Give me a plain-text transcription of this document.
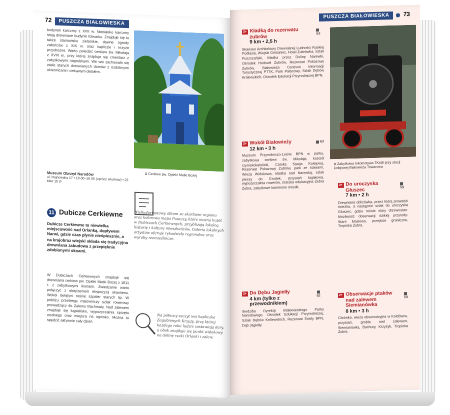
72	PUSZCZA BIAŁOWIESKA

budynek karczmy z XVII w. Niedaleko karczmy stoją drewniane budynki folwarku. Znajduje się tu także stanowisko zielarskie, dawne ogrody zaborców z XIX w. oraz kapliczki i krzyże przydrożne. Warto zwiedzić cerkiew św. Mikołaja z XVIII w., przy której znajduje się cmentarz z zabytkowymi nagrobkami. We wsi zachowało się wiele starych drewnianych domów z ozdobnymi okiennicami i ciekawym detalem.

◘ Cerkiew pw. Opieki Matki Bożej
Muzeum Obrzęd Narodów
ul. Hajnowska 17 • 10.00–16.00 (oprócz wtorków) • 22 bilet 10 zł
11 Dubicze Cerkiewne
Dubicze Cerkiewne to niewielka miejscowość nad Orlanką, dopływem Narwi, gdzie czas płynie nieśpiesznie, a na krajobraz wiejski składa się tradycyjna drewniana zabudowa z przepięknie zdobionymi oknami.

W Dubiczach Cerkiewnych znajduje się drewniana cerkiew pw. Opieki Matki Bożej z 1811 r. z zabytkowymi ikonami. Zwiedzanie warto połączyć z obejrzeniem ekspozycji skansenu. Wokół świątyni rośnie szpaler starych lip. W pobliżu przebiega malowniczy szlak rowerowy prowadzący do Zalewu Bachmaty. Nad zalewem znajduje się kąpielisko, wypożyczalnia sprzętu wodnego oraz miejsca na ognisko. Można tu spędzić aktywnie cały dzień.

Wielkoformatowy album ze skarbami regionu oraz kolorowa mapa Puszczy, które można kupić w Dubiczach Cerkiewnych, przybliżają lokalną historię i kulturę mieszkańców. Galeria lokalnych artystów oferuje rękodzieło regionalne oraz wyroby rzemieślnicze.
Na północy szczyt wsi kapliczka Zagubionych Krzyży, przy której każdego roku ludzie zostawiają dary, a obok znajduje się punkt widokowy na dolinę rzeki Orlanki i zalew.
PUSZCZA BIAŁOWIESKA	73
2+ Kładką do rezerwatu żubrów
9 km • 2,5 h
63
Skansen Architektury Drewnianej Ludności Ruskiej Podlasia, Wiejski Gościniec, Hotel Żubrówka, Szlak Puszczański, Kładka przez Dolinę Narewki, Ośrodek Hodowli Żubrów, Rezerwat Pokazowy Żubrów, Białowieża Centrum Informacji Turystycznej PTTK, Park Pałacowy, Szlak Dębów Królewskich, Ośrodek Edukacji Przyrodniczej BPN.
2+ Wokół Białowieży
12 km • 3 h
63
Muzeum Przyrodniczo-Leśne BPN w parku, zabytkowa cerkiew św. Mikołaja, kościół rzymskokatolicki, Carska Stacja Kolejowa, Rezerwat Pokazowy Żubrów, park ze stawami, Wieża Widokowa, kładka nad Narewką, szlak pieszy do Grudek, przystań kajakowa, wypożyczalnia rowerów, ścieżka edukacyjna Żebra Żubra, zabytkowe kamienne mostki.
2+ Do Dębu Jagiełły
4 km (tylko z przewodnikiem)
62
Siedziba Dyrekcji Białowieskiego Parku Narodowego, Ośrodek Edukacji Przyrodniczej, Szlak Dębów Królewskich, Rezerwat Ścisły BPN, Dąb Jagiełły.
◘ Zabytkowa lokomotywa TKt48 przy stacji kolejowej Białowieża Towarowa
2+ Do uroczyska Głuszec
7 km • 2 h
59
Drewniana oblicówka, przez którą prowadzi ścieżka, a następnie szlak do uroczyska Głuszec, gdzie rośnie stary drzewostan. Możliwość obserwacji dzikiej przyrody: Stare Masiewo, przejście graniczne, Tropinka Żubra.
2+ Obserwacje ptaków nad zalewem Siemianówka
8 km • 3 h
59
Cisówka, wieża obserwacyjna w Kołdówce, przystań, grobla nad zalewem, Siemianówka, Bachury, Krzyżyk, Tropinka Żubra.
